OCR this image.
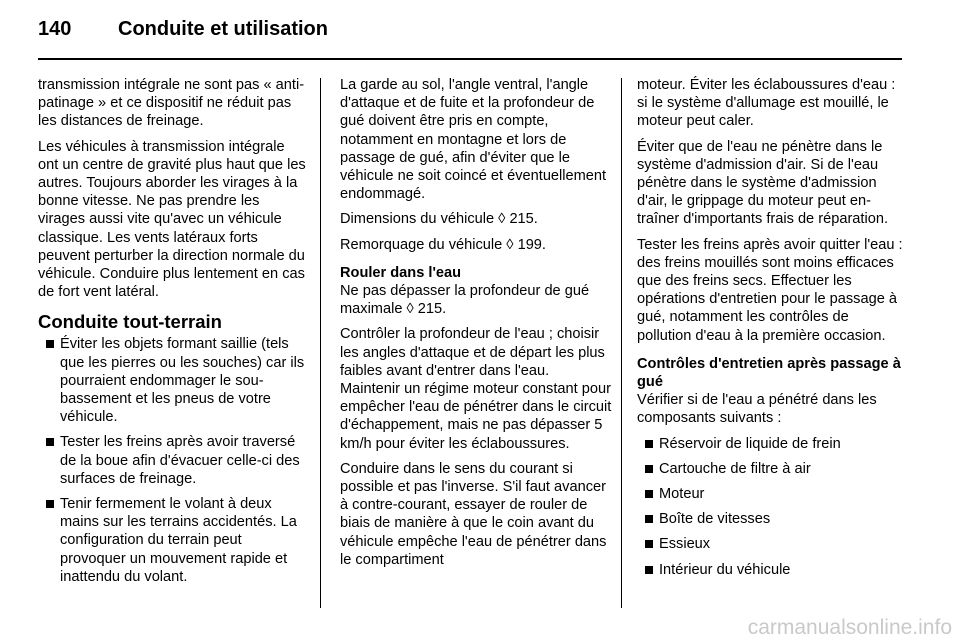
140 Conduite et utilisation

transmission intégrale ne sont pas « anti-patinage » et ce dispositif ne réduit pas les distances de freinage.

Les véhicules à transmission intégrale ont un centre de gravité plus haut que les autres. Toujours aborder les virages à la bonne vitesse. Ne pas prendre les virages aussi vite qu'avec un véhicule classique. Les vents latéraux forts peuvent perturber la direction normale du véhicule. Conduire plus lentement en cas de fort vent latéral.

Conduite tout-terrain
Éviter les objets formant saillie (tels que les pierres ou les souches) car ils pourraient endommager le soubassement et les pneus de votre véhicule.
Tester les freins après avoir traversé de la boue afin d'évacuer celle-ci des surfaces de freinage.
Tenir fermement le volant à deux mains sur les terrains accidentés. La configuration du terrain peut provoquer un mouvement rapide et inattendu du volant.

La garde au sol, l'angle ventral, l'angle d'attaque et de fuite et la profondeur de gué doivent être pris en compte, notamment en montagne et lors de passage de gué, afin d'éviter que le véhicule ne soit coincé et éventuellement endommagé.

Dimensions du véhicule ◊ 215.

Remorquage du véhicule ◊ 199.

Rouler dans l'eau

Ne pas dépasser la profondeur de gué maximale ◊ 215.

Contrôler la profondeur de l'eau ; choisir les angles d'attaque et de départ les plus faibles avant d'entrer dans l'eau. Maintenir un régime moteur constant pour empêcher l'eau de pénétrer dans le circuit d'échappement, mais ne pas dépasser 5 km/h pour éviter les éclaboussures.

Conduire dans le sens du courant si possible et pas l'inverse. S'il faut avancer à contre-courant, essayer de rouler de biais de manière à que le coin avant du véhicule empêche l'eau de pénétrer dans le compartiment

moteur. Éviter les éclaboussures d'eau : si le système d'allumage est mouillé, le moteur peut caler.

Éviter que de l'eau ne pénètre dans le système d'admission d'air. Si de l'eau pénètre dans le système d'admission d'air, le grippage du moteur peut entraîner d'importants frais de réparation.

Tester les freins après avoir quitter l'eau : des freins mouillés sont moins efficaces que des freins secs. Effectuer les opérations d'entretien pour le passage à gué, notamment les contrôles de pollution d'eau à la première occasion.

Contrôles d'entretien après passage à gué

Vérifier si de l'eau a pénétré dans les composants suivants :

Réservoir de liquide de frein
Cartouche de filtre à air
Moteur
Boîte de vitesses
Essieux
Intérieur du véhicule
carmanualsonline.info
